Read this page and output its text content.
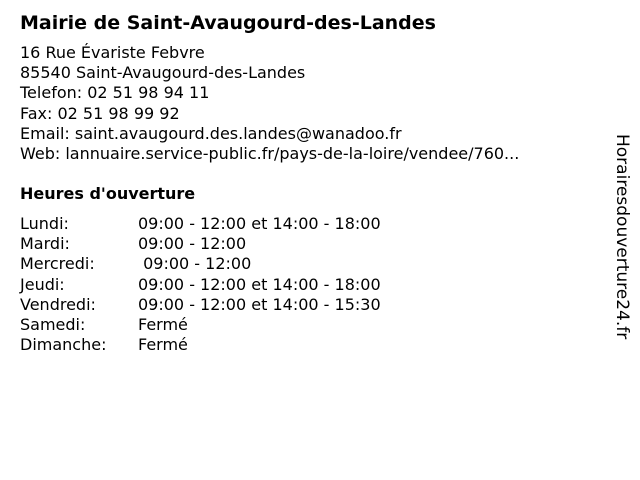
Mairie de Saint-Avaugourd-des-Landes
16 Rue Évariste Febvre
85540 Saint-Avaugourd-des-Landes
Telefon: 02 51 98 94 11
Fax: 02 51 98 99 92
Email: saint.avaugourd.des.landes@wanadoo.fr
Web: lannuaire.service-public.fr/pays-de-la-loire/vendee/760...
Heures d'ouverture
Lundi:	09:00 - 12:00 et 14:00 - 18:00
Mardi:	09:00 - 12:00
Mercredi:	09:00 - 12:00
Jeudi:	09:00 - 12:00 et 14:00 - 18:00
Vendredi:	09:00 - 12:00 et 14:00 - 15:30
Samedi:	Fermé
Dimanche: Fermé
Horairesdouverture24.fr
